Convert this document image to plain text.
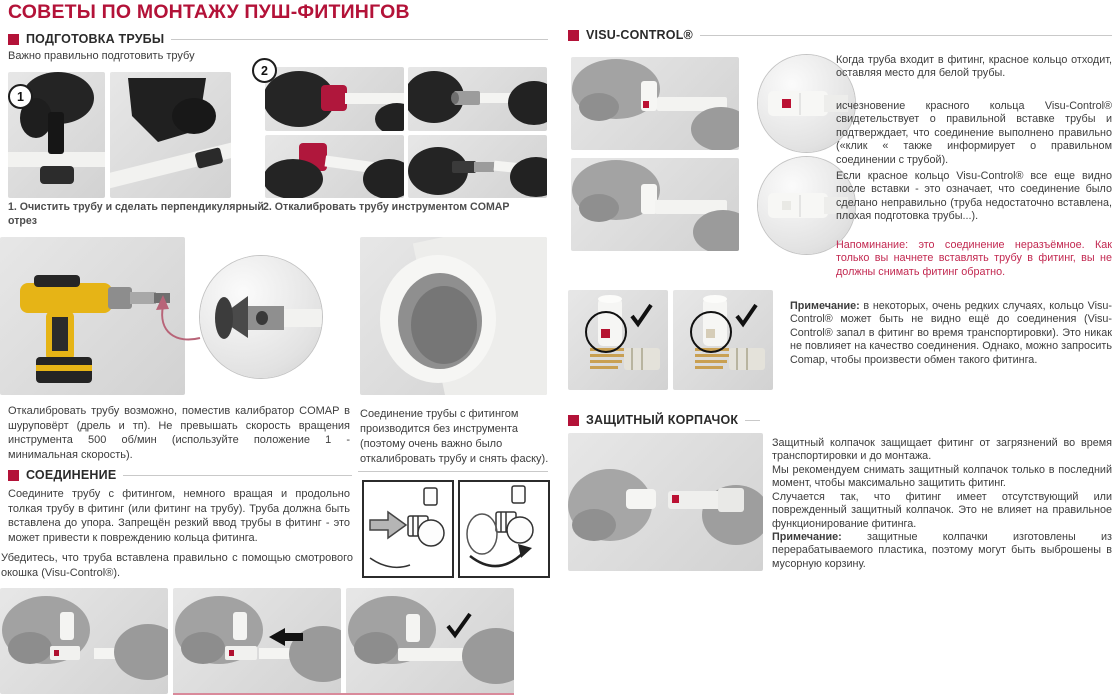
СОВЕТЫ ПО МОНТАЖУ ПУШ-ФИТИНГОВ
ПОДГОТОВКА ТРУБЫ

Важно правильно подготовить трубу

1
2

1. Очистить трубу и сделать перпендикулярный отрез

2. Откалибровать трубу инструментом COMAP

Откалибровать трубу возможно, поместив калибратор COMAP в шуруповёрт (дрель и тп). Не превышать скорость вращения инструмента 500 об/мин (используйте положение 1 - минимальная скорость).

СОЕДИНЕНИЕ

Соедините трубу с фитингом, немного вращая и продольно толкая трубу в фитинг (или фитинг на трубу). Труба должна быть вставлена до упора. Запрещён резкий ввод трубы в фитинг - это может привести к повреждению кольца фитинга.

Убедитесь, что труба вставлена правильно с помощью смотрового окошка (Visu-Control®).

Соединение трубы с фитингом производится без инструмента (поэтому очень важно было откалибровать трубу и снять фаску).

VISU-CONTROL®

Когда труба входит в фитинг, красное кольцо отходит, оставляя место для белой трубы.

исчезновение красного кольца Visu-Control® свидетельствует о правильной вставке трубы и подтверждает, что соединение выполнено правильно («клик « также информирует о правильном соединении с трубой).

Если красное кольцо Visu-Control® все еще видно после вставки - это означает, что соединение было сделано неправильно (труба недостаточно вставлена, плохая подготовка трубы...).

Напоминание: это соединение неразъёмное. Как только вы начнете вставлять трубу в фитинг, вы не должны снимать фитинг обратно.

Примечание: в некоторых, очень редких случаях, кольцо Visu-Control® может быть не видно ещё до соединения (Visu-Control® запал в фитинг во время транспортировки). Это никак не повлияет на качество соединения. Однако, можно запросить Comap, чтобы произвести обмен такого фитинга.

ЗАЩИТНЫЙ КОРПАЧОК

Защитный колпачок защищает фитинг от загрязнений во время транспортировки и до монтажа.

Мы рекомендуем снимать защитный колпачок только в последний момент, чтобы максимально защитить фитинг.

Случается так, что фитинг имеет отсутствующий или поврежденный защитный колпачок. Это не влияет на правильное функционирование фитинга.

Примечание: защитные колпачки изготовлены из перерабатываемого пластика, поэтому могут быть выброшены в мусорную корзину.
